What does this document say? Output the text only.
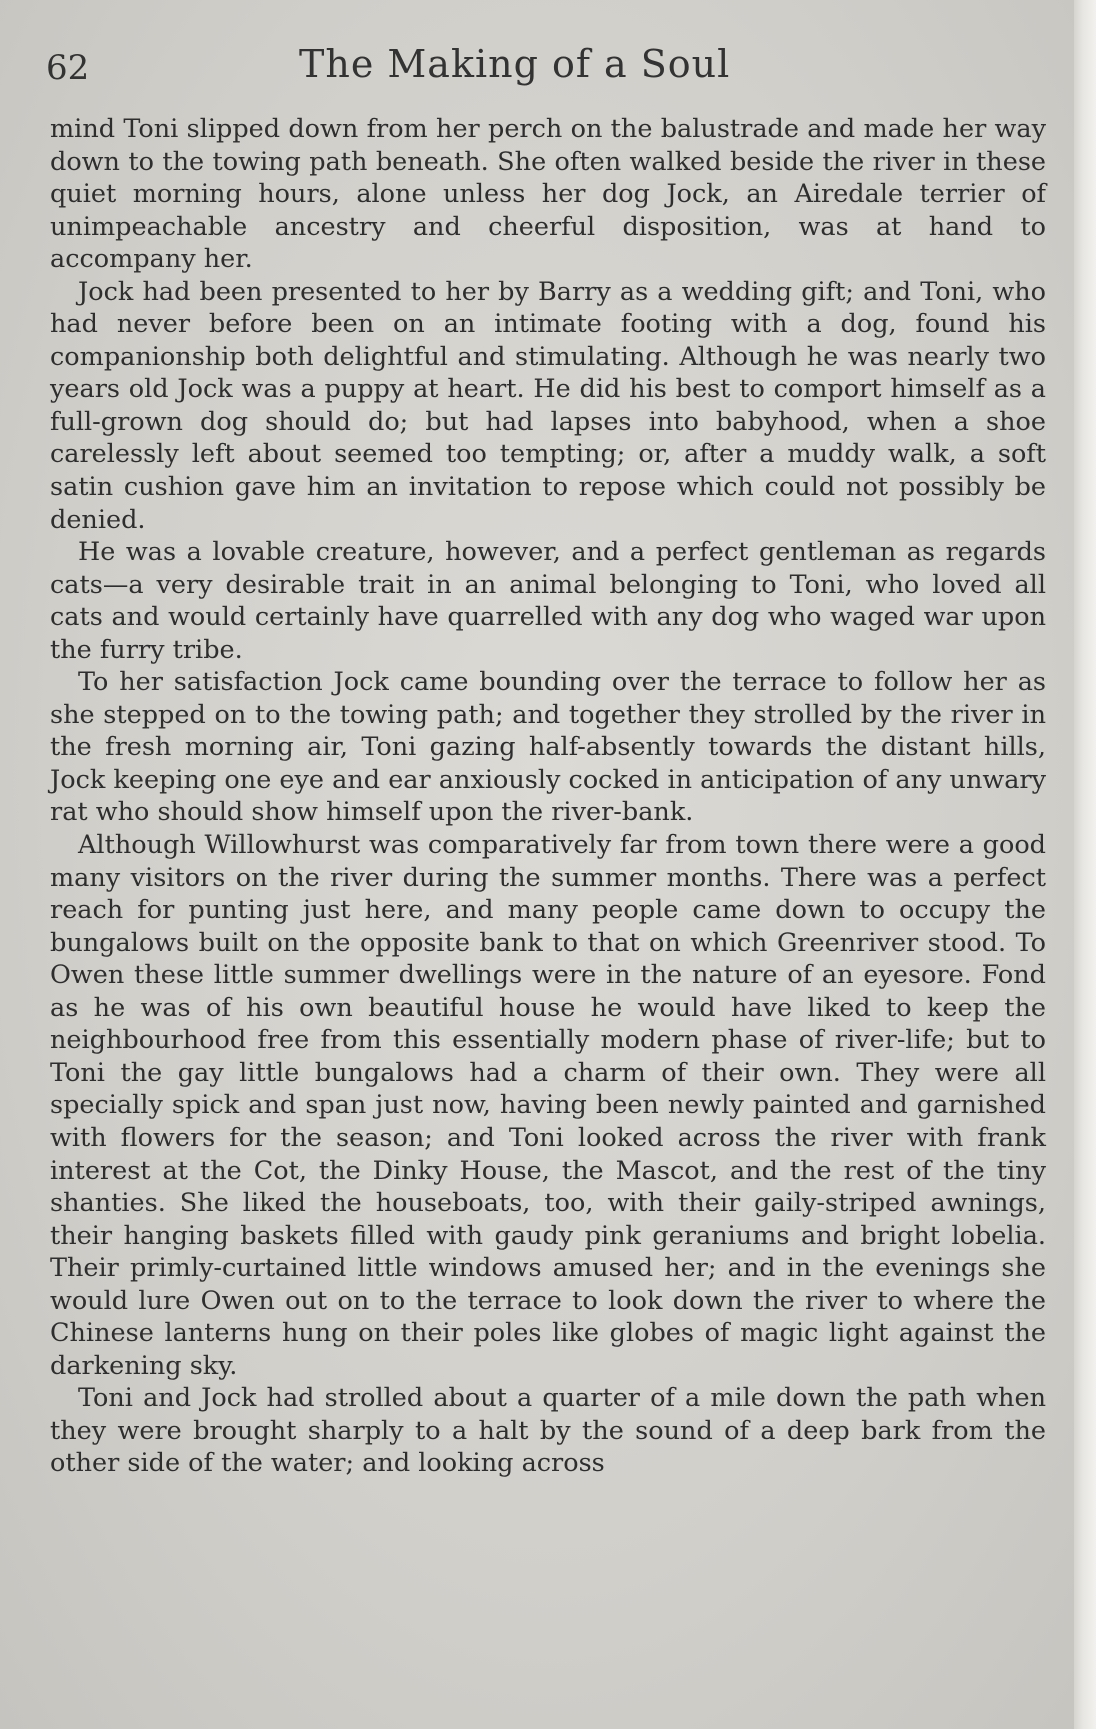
62	The Making of a Soul

mind Toni slipped down from her perch on the balustrade and made her way down to the towing path beneath. She often walked beside the river in these quiet morning hours, alone unless her dog Jock, an Airedale terrier of unimpeachable ancestry and cheerful disposition, was at hand to accompany her.

Jock had been presented to her by Barry as a wedding gift; and Toni, who had never before been on an intimate footing with a dog, found his companionship both delightful and stimulating. Although he was nearly two years old Jock was a puppy at heart. He did his best to comport himself as a full-grown dog should do; but had lapses into babyhood, when a shoe carelessly left about seemed too tempting; or, after a muddy walk, a soft satin cushion gave him an invitation to repose which could not possibly be denied.

He was a lovable creature, however, and a perfect gentleman as regards cats—a very desirable trait in an animal belonging to Toni, who loved all cats and would certainly have quarrelled with any dog who waged war upon the furry tribe.

To her satisfaction Jock came bounding over the terrace to follow her as she stepped on to the towing path; and together they strolled by the river in the fresh morning air, Toni gazing half-absently towards the distant hills, Jock keeping one eye and ear anxiously cocked in anticipation of any unwary rat who should show himself upon the river-bank.

Although Willowhurst was comparatively far from town there were a good many visitors on the river during the summer months. There was a perfect reach for punting just here, and many people came down to occupy the bungalows built on the opposite bank to that on which Greenriver stood. To Owen these little summer dwellings were in the nature of an eyesore. Fond as he was of his own beautiful house he would have liked to keep the neighbourhood free from this essentially modern phase of river-life; but to Toni the gay little bungalows had a charm of their own. They were all specially spick and span just now, having been newly painted and garnished with flowers for the season; and Toni looked across the river with frank interest at the Cot, the Dinky House, the Mascot, and the rest of the tiny shanties. She liked the houseboats, too, with their gaily-striped awnings, their hanging baskets filled with gaudy pink geraniums and bright lobelia. Their primly-curtained little windows amused her; and in the evenings she would lure Owen out on to the terrace to look down the river to where the Chinese lanterns hung on their poles like globes of magic light against the darkening sky.

Toni and Jock had strolled about a quarter of a mile down the path when they were brought sharply to a halt by the sound of a deep bark from the other side of the water; and looking across
